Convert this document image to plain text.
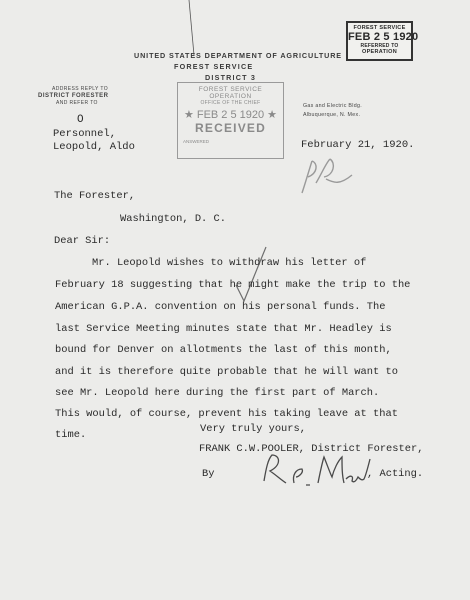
UNITED STATES DEPARTMENT OF AGRICULTURE
FOREST SERVICE
DISTRICT 3
ADDRESS REPLY TO
DISTRICT FORESTER
AND REFER TO
O
Personnel,
Leopold, Aldo
Gas and Electric Bldg.
Albuquerque, N. Mex.
February 21, 1920.
FOREST SERVICE
FEB 2 5 1920
REFERRED TO
OPERATION
FOREST SERVICE
OPERATION
OFFICE OF THE CHIEF
★ FEB 2 5 1920 ★
RECEIVED
ANSWERED
The Forester,
Washington, D. C.
Dear Sir:
Mr. Leopold wishes to withdraw his letter of
February 18 suggesting that he might make the trip to the
American G.P.A. convention on his personal funds. The
last Service Meeting minutes state that Mr. Headley is
bound for Denver on allotments the last of this month,
and it is therefore quite probable that he will want to
see Mr. Leopold here during the first part of March.
This would, of course, prevent his taking leave at that
time.	Very truly yours,
FRANK C.W.POOLER, District Forester,
By	, Acting.
